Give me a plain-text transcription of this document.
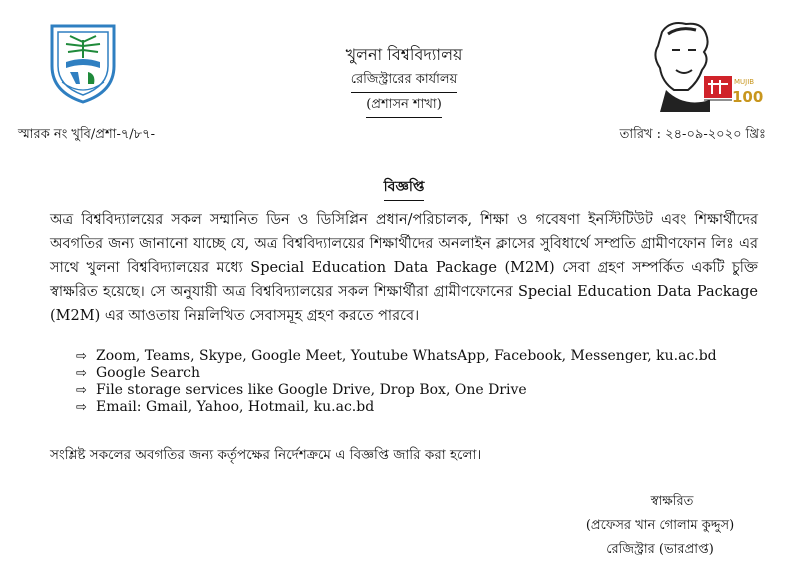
MUJIB
100
খুলনা বিশ্ববিদ্যালয়
রেজিস্ট্রারের কার্যালয়
(প্রশাসন শাখা)
স্মারক নং খুবি/প্রশা-৭/৮৭-	তারিখ : ২৪-০৯-২০২০ খ্রিঃ
বিজ্ঞপ্তি
অত্র বিশ্ববিদ্যালয়ের সকল সম্মানিত ডিন ও ডিসিপ্লিন প্রধান/পরিচালক, শিক্ষা ও গবেষণা ইনস্টিটিউট এবং শিক্ষার্থীদের অবগতির জন্য জানানো যাচ্ছে যে, অত্র বিশ্ববিদ্যালয়ের শিক্ষার্থীদের অনলাইন ক্লাসের সুবিধার্থে সম্প্রতি গ্রামীণফোন লিঃ এর সাথে খুলনা বিশ্ববিদ্যালয়ের মধ্যে Special Education Data Package (M2M) সেবা গ্রহণ সম্পর্কিত একটি চুক্তি স্বাক্ষরিত হয়েছে। সে অনুযায়ী অত্র বিশ্ববিদ্যালয়ের সকল শিক্ষার্থীরা গ্রামীণফোনের Special Education Data Package (M2M) এর আওতায় নিম্নলিখিত সেবাসমূহ গ্রহণ করতে পারবে।
⇨ Zoom, Teams, Skype, Google Meet, Youtube WhatsApp, Facebook, Messenger, ku.ac.bd
⇨ Google Search
⇨ File storage services like Google Drive, Drop Box, One Drive
⇨ Email: Gmail, Yahoo, Hotmail, ku.ac.bd
সংশ্লিষ্ট সকলের অবগতির জন্য কর্তৃপক্ষের নির্দেশক্রমে এ বিজ্ঞপ্তি জারি করা হলো।
স্বাক্ষরিত
(প্রফেসর খান গোলাম কুদ্দুস)
রেজিস্ট্রার (ভারপ্রাপ্ত)
